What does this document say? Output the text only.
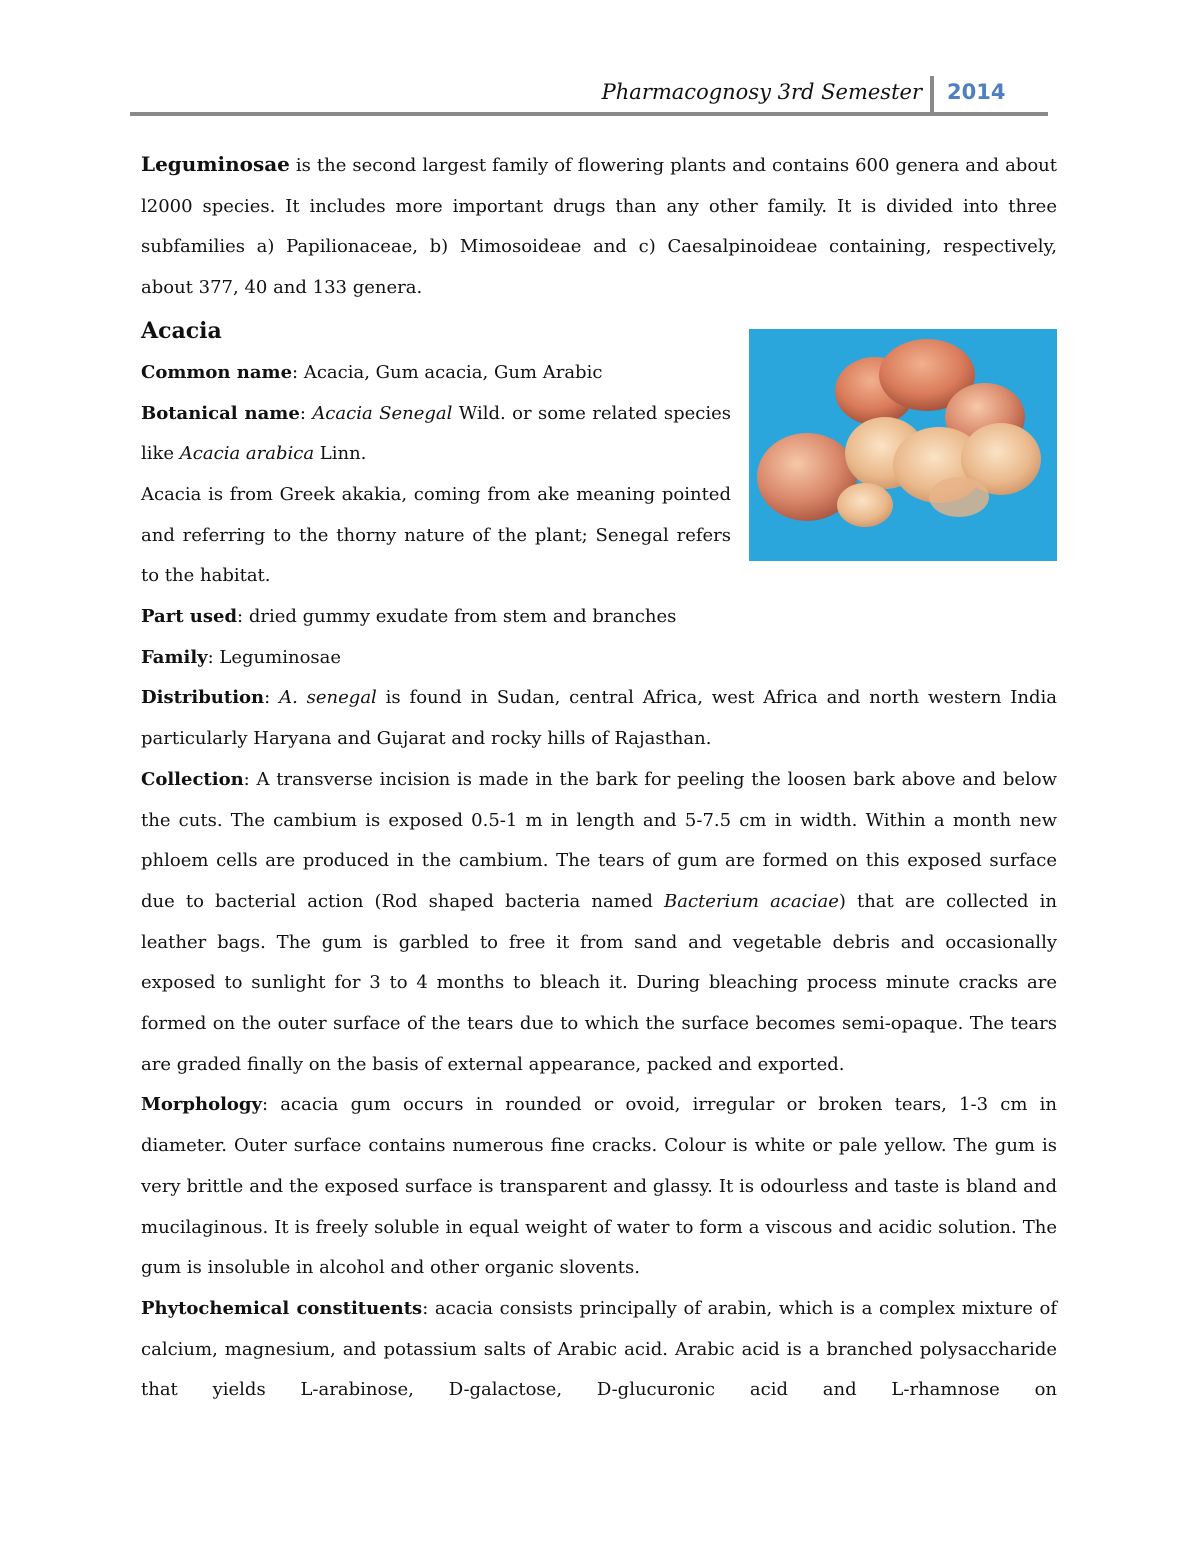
Pharmacognosy 3rd Semester 2014

Leguminosae is the second largest family of flowering plants and contains 600 genera and about l2000 species. It includes more important drugs than any other family. It is divided into three subfamilies a) Papilionaceae, b) Mimosoideae and c) Caesalpinoideae containing, respectively, about 377, 40 and 133 genera.

Acacia

Common name: Acacia, Gum acacia, Gum Arabic

Botanical name: Acacia Senegal Wild. or some related species like Acacia arabica Linn.

Acacia is from Greek akakia, coming from ake meaning pointed and referring to the thorny nature of the plant; Senegal refers to the habitat.

Part used: dried gummy exudate from stem and branches

Family: Leguminosae

Distribution: A. senegal is found in Sudan, central Africa, west Africa and north western India particularly Haryana and Gujarat and rocky hills of Rajasthan.

Collection: A transverse incision is made in the bark for peeling the loosen bark above and below the cuts. The cambium is exposed 0.5-1 m in length and 5-7.5 cm in width. Within a month new phloem cells are produced in the cambium. The tears of gum are formed on this exposed surface due to bacterial action (Rod shaped bacteria named Bacterium acaciae) that are collected in leather bags. The gum is garbled to free it from sand and vegetable debris and occasionally exposed to sunlight for 3 to 4 months to bleach it. During bleaching process minute cracks are formed on the outer surface of the tears due to which the surface becomes semi-opaque. The tears are graded finally on the basis of external appearance, packed and exported.

Morphology: acacia gum occurs in rounded or ovoid, irregular or broken tears, 1-3 cm in diameter. Outer surface contains numerous fine cracks. Colour is white or pale yellow. The gum is very brittle and the exposed surface is transparent and glassy. It is odourless and taste is bland and mucilaginous. It is freely soluble in equal weight of water to form a viscous and acidic solution. The gum is insoluble in alcohol and other organic slovents.

Phytochemical constituents: acacia consists principally of arabin, which is a complex mixture of calcium, magnesium, and potassium salts of Arabic acid. Arabic acid is a branched polysaccharide that yields L-arabinose, D-galactose, D-glucuronic acid and L-rhamnose on
